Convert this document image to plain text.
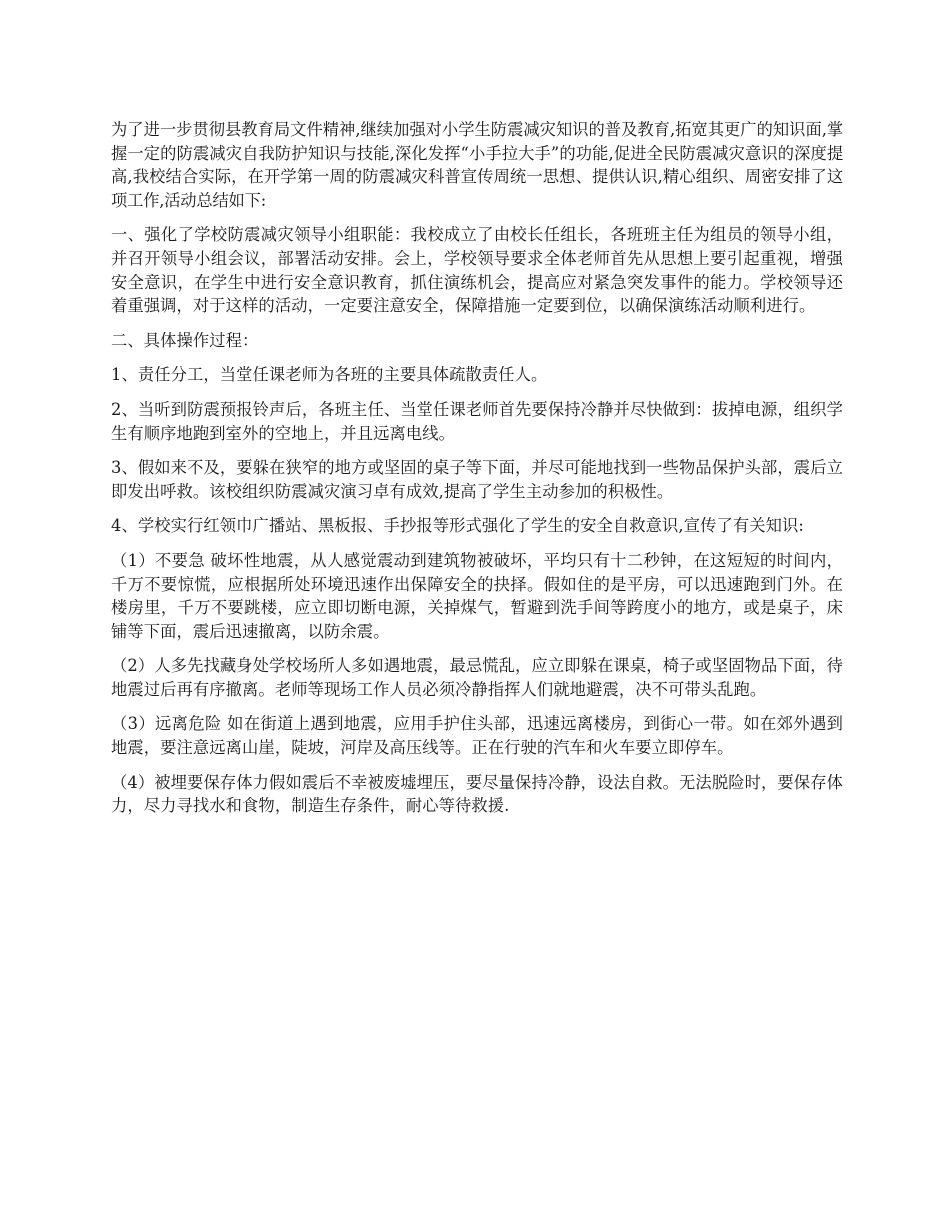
为了进一步贯彻县教育局文件精神,继续加强对小学生防震减灾知识的普及教育,拓宽其更广的知识面,掌握一定的防震减灾自我防护知识与技能,深化发挥“小手拉大手”的功能,促进全民防震减灾意识的深度提高,我校结合实际，在开学第一周的防震减灾科普宣传周统一思想、提供认识,精心组织、周密安排了这项工作,活动总结如下:

一、强化了学校防震减灾领导小组职能：我校成立了由校长任组长，各班班主任为组员的领导小组，并召开领导小组会议，部署活动安排。会上，学校领导要求全体老师首先从思想上要引起重视，增强安全意识，在学生中进行安全意识教育，抓住演练机会，提高应对紧急突发事件的能力。学校领导还着重强调，对于这样的活动，一定要注意安全，保障措施一定要到位，以确保演练活动顺利进行。

二、具体操作过程：

1、责任分工，当堂任课老师为各班的主要具体疏散责任人。

2、当听到防震预报铃声后，各班主任、当堂任课老师首先要保持冷静并尽快做到：拔掉电源，组织学生有顺序地跑到室外的空地上，并且远离电线。

3、假如来不及，要躲在狭窄的地方或坚固的桌子等下面，并尽可能地找到一些物品保护头部，震后立即发出呼救。该校组织防震减灾演习卓有成效,提高了学生主动参加的积极性。

4、学校实行红领巾广播站、黑板报、手抄报等形式强化了学生的安全自救意识,宣传了有关知识:

（1）不要急 破坏性地震，从人感觉震动到建筑物被破坏，平均只有十二秒钟，在这短短的时间内，千万不要惊慌，应根据所处环境迅速作出保障安全的抉择。假如住的是平房，可以迅速跑到门外。在楼房里，千万不要跳楼，应立即切断电源，关掉煤气，暂避到洗手间等跨度小的地方，或是桌子，床铺等下面，震后迅速撤离，以防余震。

（2）人多先找藏身处学校场所人多如遇地震，最忌慌乱，应立即躲在课桌，椅子或坚固物品下面，待地震过后再有序撤离。老师等现场工作人员必须冷静指挥人们就地避震，决不可带头乱跑。

（3）远离危险 如在街道上遇到地震，应用手护住头部，迅速远离楼房，到街心一带。如在郊外遇到地震，要注意远离山崖，陡坡，河岸及高压线等。正在行驶的汽车和火车要立即停车。

（4）被埋要保存体力假如震后不幸被废墟埋压，要尽量保持冷静，设法自救。无法脱险时，要保存体力，尽力寻找水和食物，制造生存条件，耐心等待救援.
